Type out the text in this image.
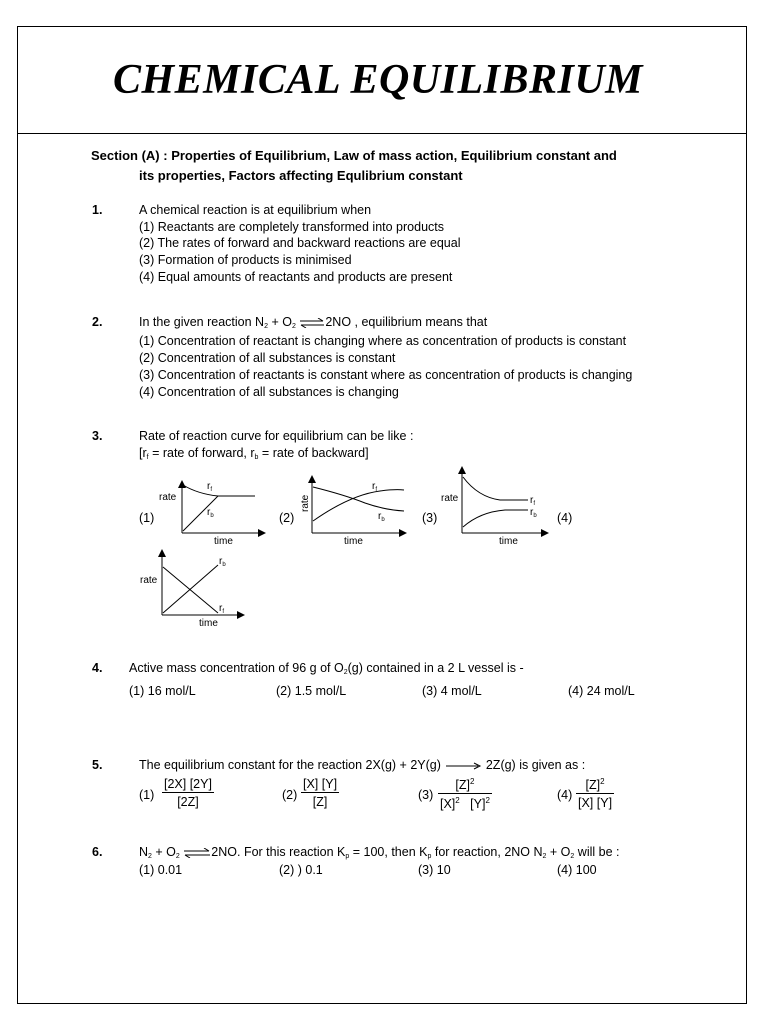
CHEMICAL EQUILIBRIUM
Section (A) : Properties of Equilibrium, Law of mass action, Equilibrium constant and
its properties, Factors affecting Equlibrium constant
1.	A chemical reaction is at equilibrium when
(1) Reactants are completely transformed into products
(2) The rates of forward and backward reactions are equal
(3) Formation of products is minimised
(4) Equal amounts of reactants and products are present
2.	In the given reaction $N_2 + O_2$ ⇌2NO , equilibrium means that
(1) Concentration of reactant is changing where as concentration of products is constant
(2) Concentration of all substances is constant
(3) Concentration of reactants is constant where as concentration of products is changing
(4) Concentration of all substances is changing
3.	Rate of reaction curve for equilibrium can be like :
[$r_f$ = rate of forward, $r_b$ = rate of backward]
(1)	(2)	(3)	(4)
rate
time
$r_f$
$r_b$
rate
time
$r_f$
$r_b$
rate
time
$r_f$
$r_b$
rate
time
$r_b$
$r_f$
4. Active mass concentration of 96 g of $O_2(g)$ contained in a 2 L vessel is -
(1) 16 mol/L	(2) 1.5 mol/L	(3) 4 mol/L	(4) 24 mol/L
5.	The equilibrium constant for the reaction 2X(g) + 2Y(g) → 2Z(g) is given as :
$(1) \frac{[2X] [2Y]}{[2Z]}$	$(2) \frac{[X] [Y]}{[Z]}$	$(3) \frac{[Z]^2}{[X]^2 [Y]^2}$	$(4) \frac{[Z]^2}{[X] [Y]}$
6.	$N_2 + O_2$ ⇌2NO. For this reaction $K_p = 100$, then $K_p$ for reaction, 2NO $N_2 + O_2$ will be :
(1) 0.01	(2) ) 0.1	(3) 10	(4) 100
